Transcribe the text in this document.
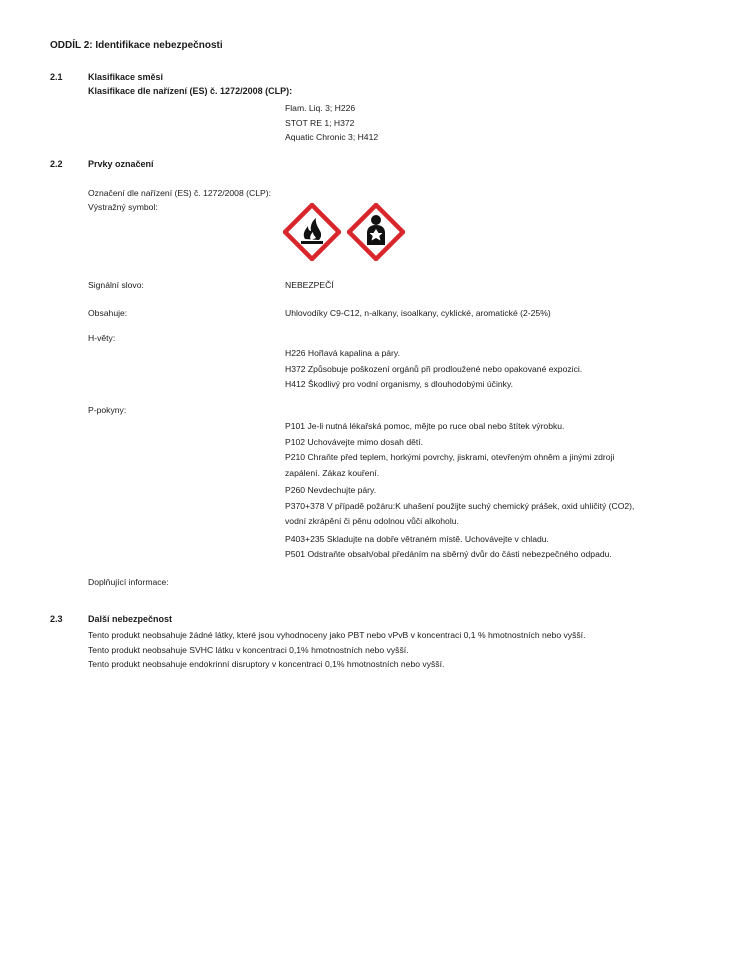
ODDÍL 2: Identifikace nebezpečnosti
2.1	Klasifikace směsi
Klasifikace dle nařízení (ES) č. 1272/2008 (CLP):
Flam. Liq. 3; H226
STOT RE 1; H372
Aquatic Chronic 3; H412
2.2	Prvky označení
Označení dle nařízení (ES) č. 1272/2008 (CLP):
Výstražný symbol:
Signální slovo:	NEBEZPEČÍ
Obsahuje:	Uhlovodíky C9-C12, n-alkany, isoalkany, cyklické, aromatické (2-25%)
H-věty:
H226 Hořlavá kapalina a páry.
H372 Způsobuje poškození orgánů při prodloužené nebo opakované expozici.
H412 Škodlivý pro vodní organismy, s dlouhodobými účinky.
P-pokyny:
P101 Je-li nutná lékařská pomoc, mějte po ruce obal nebo štítek výrobku.
P102 Uchovávejte mimo dosah dětí.
P210 Chraňte před teplem, horkými povrchy, jiskrami, otevřeným ohněm a jinými zdroji
zapálení. Zákaz kouření.
P260 Nevdechujte páry.
P370+378 V případě požáru:K uhašení použijte suchý chemický prášek, oxid uhličitý (CO2),
vodní zkrápění či pěnu odolnou vůči alkoholu.
P403+235 Skladujte na dobře větraném místě. Uchovávejte v chladu.
P501 Odstraňte obsah/obal předáním na sběrný dvůr do části nebezpečného odpadu.
Doplňující informace:
2.3	Další nebezpečnost
Tento produkt neobsahuje žádné látky, které jsou vyhodnoceny jako PBT nebo vPvB v koncentraci 0,1 % hmotnostních nebo vyšší.
Tento produkt neobsahuje SVHC látku v koncentraci 0,1% hmotnostních nebo vyšší.
Tento produkt neobsahuje endokrinní disruptory v koncentraci 0,1% hmotnostních nebo vyšší.
